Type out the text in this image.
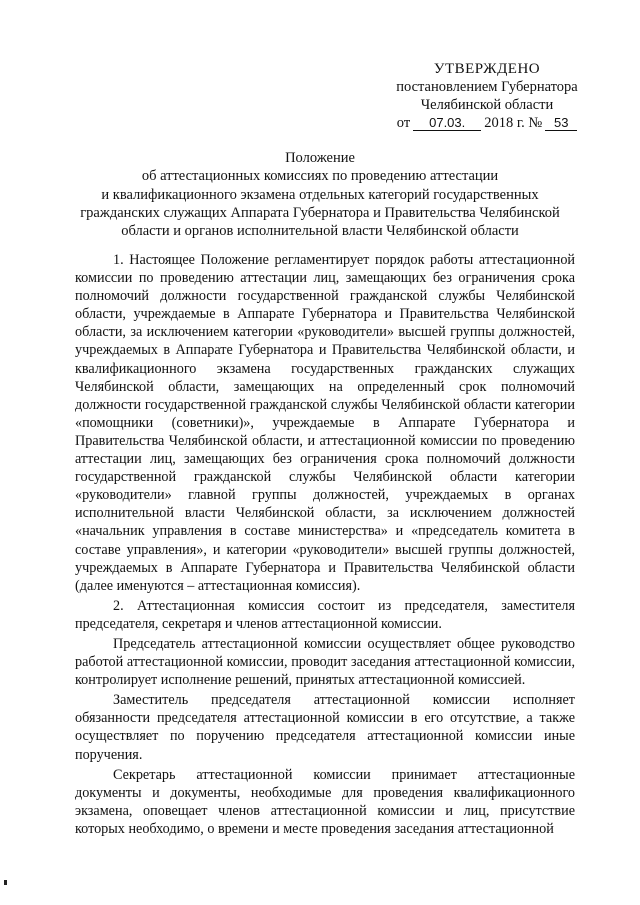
УТВЕРЖДЕНО
постановлением Губернатора
Челябинской области
от	07.03.	2018 г. № 53
Положение
об аттестационных комиссиях по проведению аттестации
и квалификационного экзамена отдельных категорий государственных
гражданских служащих Аппарата Губернатора и Правительства Челябинской
области и органов исполнительной власти Челябинской области

1. Настоящее Положение регламентирует порядок работы аттестационной комиссии по проведению аттестации лиц, замещающих без ограничения срока полномочий должности государственной гражданской службы Челябинской области, учреждаемые в Аппарате Губернатора и Правительства Челябинской области, за исключением категории «руководители» высшей группы должностей, учреждаемых в Аппарате Губернатора и Правительства Челябинской области, и квалификационного экзамена государственных гражданских служащих Челябинской области, замещающих на определенный срок полномочий должности государственной гражданской службы Челябинской области категории «помощники (советники)», учреждаемые в Аппарате Губернатора и Правительства Челябинской области, и аттестационной комиссии по проведению аттестации лиц, замещающих без ограничения срока полномочий должности государственной гражданской службы Челябинской области категории «руководители» главной группы должностей, учреждаемых в органах исполнительной власти Челябинской области, за исключением должностей «начальник управления в составе министерства» и «председатель комитета в составе управления», и категории «руководители» высшей группы должностей, учреждаемых в Аппарате Губернатора и Правительства Челябинской области (далее именуются – аттестационная комиссия).

2. Аттестационная комиссия состоит из председателя, заместителя председателя, секретаря и членов аттестационной комиссии.

Председатель аттестационной комиссии осуществляет общее руководство работой аттестационной комиссии, проводит заседания аттестационной комиссии, контролирует исполнение решений, принятых аттестационной комиссией.

Заместитель председателя аттестационной комиссии исполняет обязанности председателя аттестационной комиссии в его отсутствие, а также осуществляет по поручению председателя аттестационной комиссии иные поручения.

Секретарь аттестационной комиссии принимает аттестационные документы и документы, необходимые для проведения квалификационного экзамена, оповещает членов аттестационной комиссии и лиц, присутствие которых необходимо, о времени и месте проведения заседания аттестационной
